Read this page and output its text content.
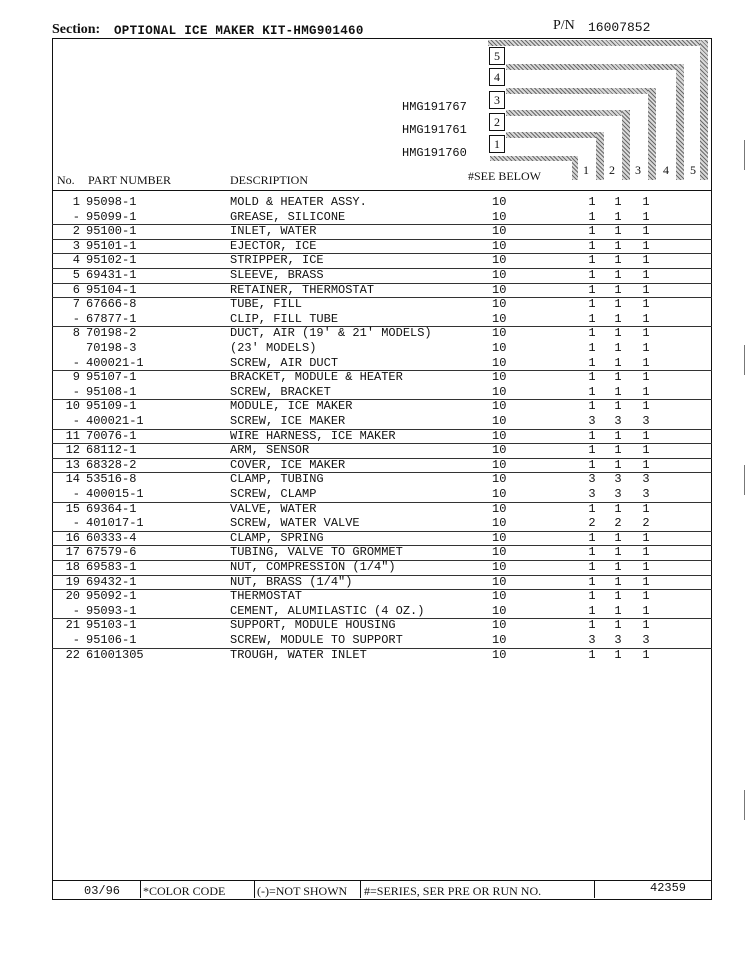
Section: OPTIONAL ICE MAKER KIT-HMG901460	P/N 16007852
5
4
3
2
1
HMG191767
HMG191761
HMG191760
No. PART NUMBER	DESCRIPTION	#SEE BELOW	1 2 3 4 5
1 95098-1	MOLD & HEATER ASSY.	10	1 1 1
- 95099-1	GREASE, SILICONE	10	1 1 1
2 95100-1	INLET, WATER	10	1 1 1
3 95101-1	EJECTOR, ICE	10	1 1 1
4 95102-1	STRIPPER, ICE	10	1 1 1
5 69431-1	SLEEVE, BRASS	10	1 1 1
6 95104-1	RETAINER, THERMOSTAT	10	1 1 1
7 67666-8	TUBE, FILL	10	1 1 1
- 67877-1	CLIP, FILL TUBE	10	1 1 1
8 70198-2	DUCT, AIR (19' & 21' MODELS)	10	1 1 1
70198-3	(23' MODELS)	10	1 1 1
- 400021-1	SCREW, AIR DUCT	10	1 1 1
9 95107-1	BRACKET, MODULE & HEATER	10	1 1 1
- 95108-1	SCREW, BRACKET	10	1 1 1
10 95109-1	MODULE, ICE MAKER	10	1 1 1
- 400021-1	SCREW, ICE MAKER	10	3 3 3
11 70076-1	WIRE HARNESS, ICE MAKER	10	1 1 1
12 68112-1	ARM, SENSOR	10	1 1 1
13 68328-2	COVER, ICE MAKER	10	1 1 1
14 53516-8	CLAMP, TUBING	10	3 3 3
- 400015-1	SCREW, CLAMP	10	3 3 3
15 69364-1	VALVE, WATER	10	1 1 1
- 401017-1	SCREW, WATER VALVE	10	2 2 2
16 60333-4	CLAMP, SPRING	10	1 1 1
17 67579-6	TUBING, VALVE TO GROMMET	10	1 1 1
18 69583-1	NUT, COMPRESSION (1/4")	10	1 1 1
19 69432-1	NUT, BRASS (1/4")	10	1 1 1
20 95092-1	THERMOSTAT	10	1 1 1
- 95093-1	CEMENT, ALUMILASTIC (4 OZ.)	10	1 1 1
21 95103-1	SUPPORT, MODULE HOUSING	10	1 1 1
- 95106-1	SCREW, MODULE TO SUPPORT	10	3 3 3
22 61001305	TROUGH, WATER INLET	10	1 1 1
03/96 *COLOR CODE	(-)=NOT SHOWN #=SERIES, SER PRE OR RUN NO.	42359
